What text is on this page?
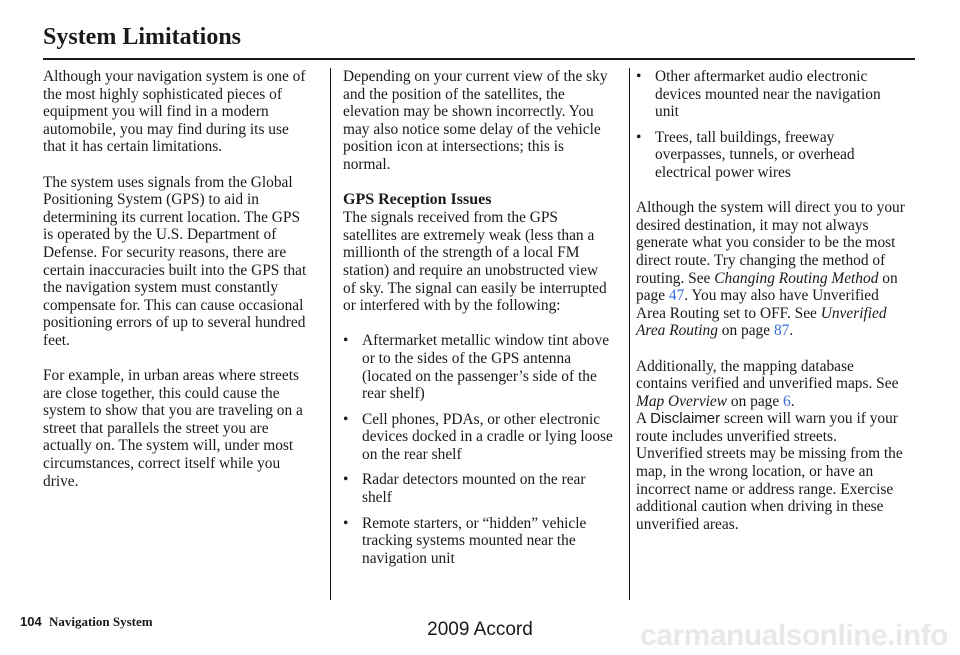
System Limitations

Although your navigation system is one of the most highly sophisticated pieces of equipment you will find in a modern automobile, you may find during its use that it has certain limitations.

The system uses signals from the Global Positioning System (GPS) to aid in determining its current location. The GPS is operated by the U.S. Department of Defense. For security reasons, there are certain inaccuracies built into the GPS that the navigation system must constantly compensate for. This can cause occasional positioning errors of up to several hundred feet.

For example, in urban areas where streets are close together, this could cause the system to show that you are traveling on a street that parallels the street you are actually on. The system will, under most circumstances, correct itself while you drive.

Depending on your current view of the sky and the position of the satellites, the elevation may be shown incorrectly. You may also notice some delay of the vehicle position icon at intersections; this is normal.

GPS Reception Issues

The signals received from the GPS satellites are extremely weak (less than a millionth of the strength of a local FM station) and require an unobstructed view of sky. The signal can easily be interrupted or interfered with by the following:

• Aftermarket metallic window tint above or to the sides of the GPS antenna (located on the passenger’s side of the rear shelf)
• Cell phones, PDAs, or other electronic devices docked in a cradle or lying loose on the rear shelf
• Radar detectors mounted on the rear shelf
• Remote starters, or “hidden” vehicle tracking systems mounted near the navigation unit
• Other aftermarket audio electronic devices mounted near the navigation unit
• Trees, tall buildings, freeway overpasses, tunnels, or overhead electrical power wires

Although the system will direct you to your desired destination, it may not always generate what you consider to be the most direct route. Try changing the method of routing. See Changing Routing Method on page 47. You may also have Unverified Area Routing set to OFF. See Unverified Area Routing on page 87.

Additionally, the mapping database contains verified and unverified maps. See Map Overview on page 6.

A Disclaimer screen will warn you if your route includes unverified streets. Unverified streets may be missing from the map, in the wrong location, or have an incorrect name or address range. Exercise additional caution when driving in these unverified areas.

104 Navigation System	carmanualsonline.info
2009 Accord
